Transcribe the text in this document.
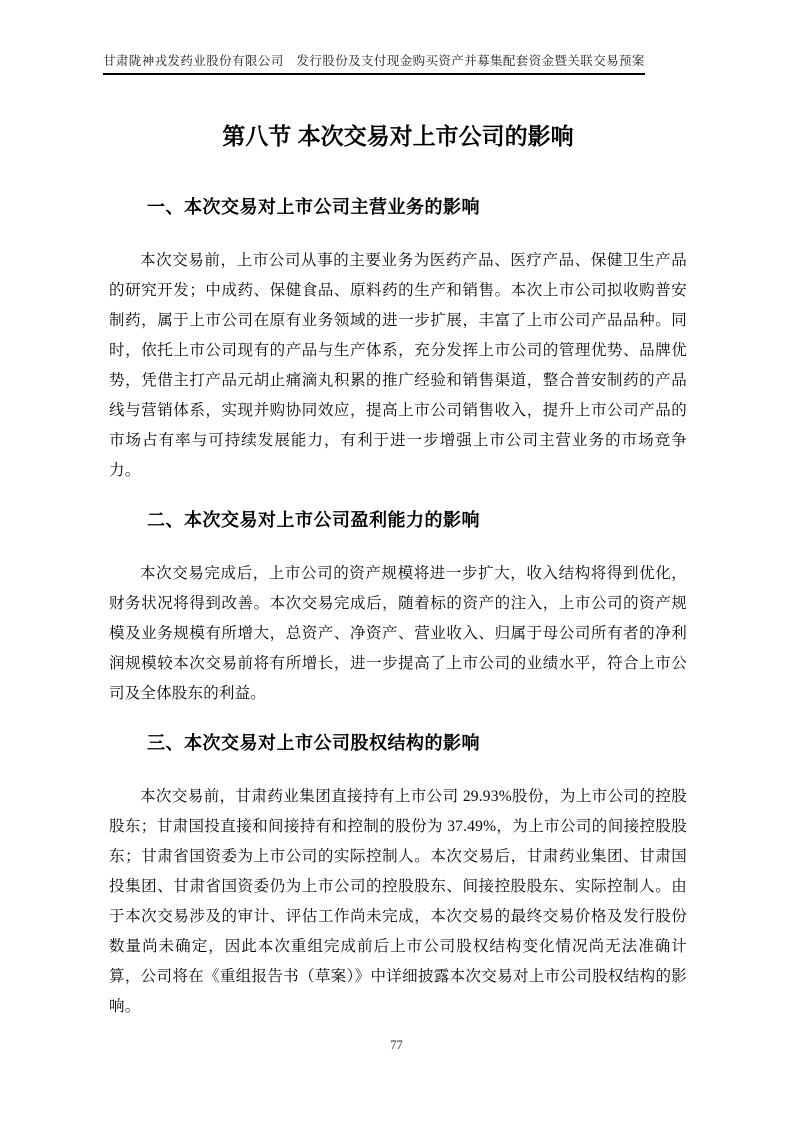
甘肃陇神戎发药业股份有限公司　发行股份及支付现金购买资产并募集配套资金暨关联交易预案
第八节 本次交易对上市公司的影响
一、本次交易对上市公司主营业务的影响

本次交易前，上市公司从事的主要业务为医药产品、医疗产品、保健卫生产品的研究开发；中成药、保健食品、原料药的生产和销售。本次上市公司拟收购普安制药，属于上市公司在原有业务领域的进一步扩展，丰富了上市公司产品品种。同时，依托上市公司现有的产品与生产体系，充分发挥上市公司的管理优势、品牌优势，凭借主打产品元胡止痛滴丸积累的推广经验和销售渠道，整合普安制药的产品线与营销体系，实现并购协同效应，提高上市公司销售收入，提升上市公司产品的市场占有率与可持续发展能力，有利于进一步增强上市公司主营业务的市场竞争力。

二、本次交易对上市公司盈利能力的影响

本次交易完成后，上市公司的资产规模将进一步扩大，收入结构将得到优化，财务状况将得到改善。本次交易完成后，随着标的资产的注入，上市公司的资产规模及业务规模有所增大，总资产、净资产、营业收入、归属于母公司所有者的净利润规模较本次交易前将有所增长，进一步提高了上市公司的业绩水平，符合上市公司及全体股东的利益。

三、本次交易对上市公司股权结构的影响

本次交易前，甘肃药业集团直接持有上市公司 29.93%股份，为上市公司的控股股东；甘肃国投直接和间接持有和控制的股份为 37.49%，为上市公司的间接控股股东；甘肃省国资委为上市公司的实际控制人。本次交易后，甘肃药业集团、甘肃国投集团、甘肃省国资委仍为上市公司的控股股东、间接控股股东、实际控制人。由于本次交易涉及的审计、评估工作尚未完成，本次交易的最终交易价格及发行股份数量尚未确定，因此本次重组完成前后上市公司股权结构变化情况尚无法准确计算，公司将在《重组报告书（草案）》中详细披露本次交易对上市公司股权结构的影响。

77
